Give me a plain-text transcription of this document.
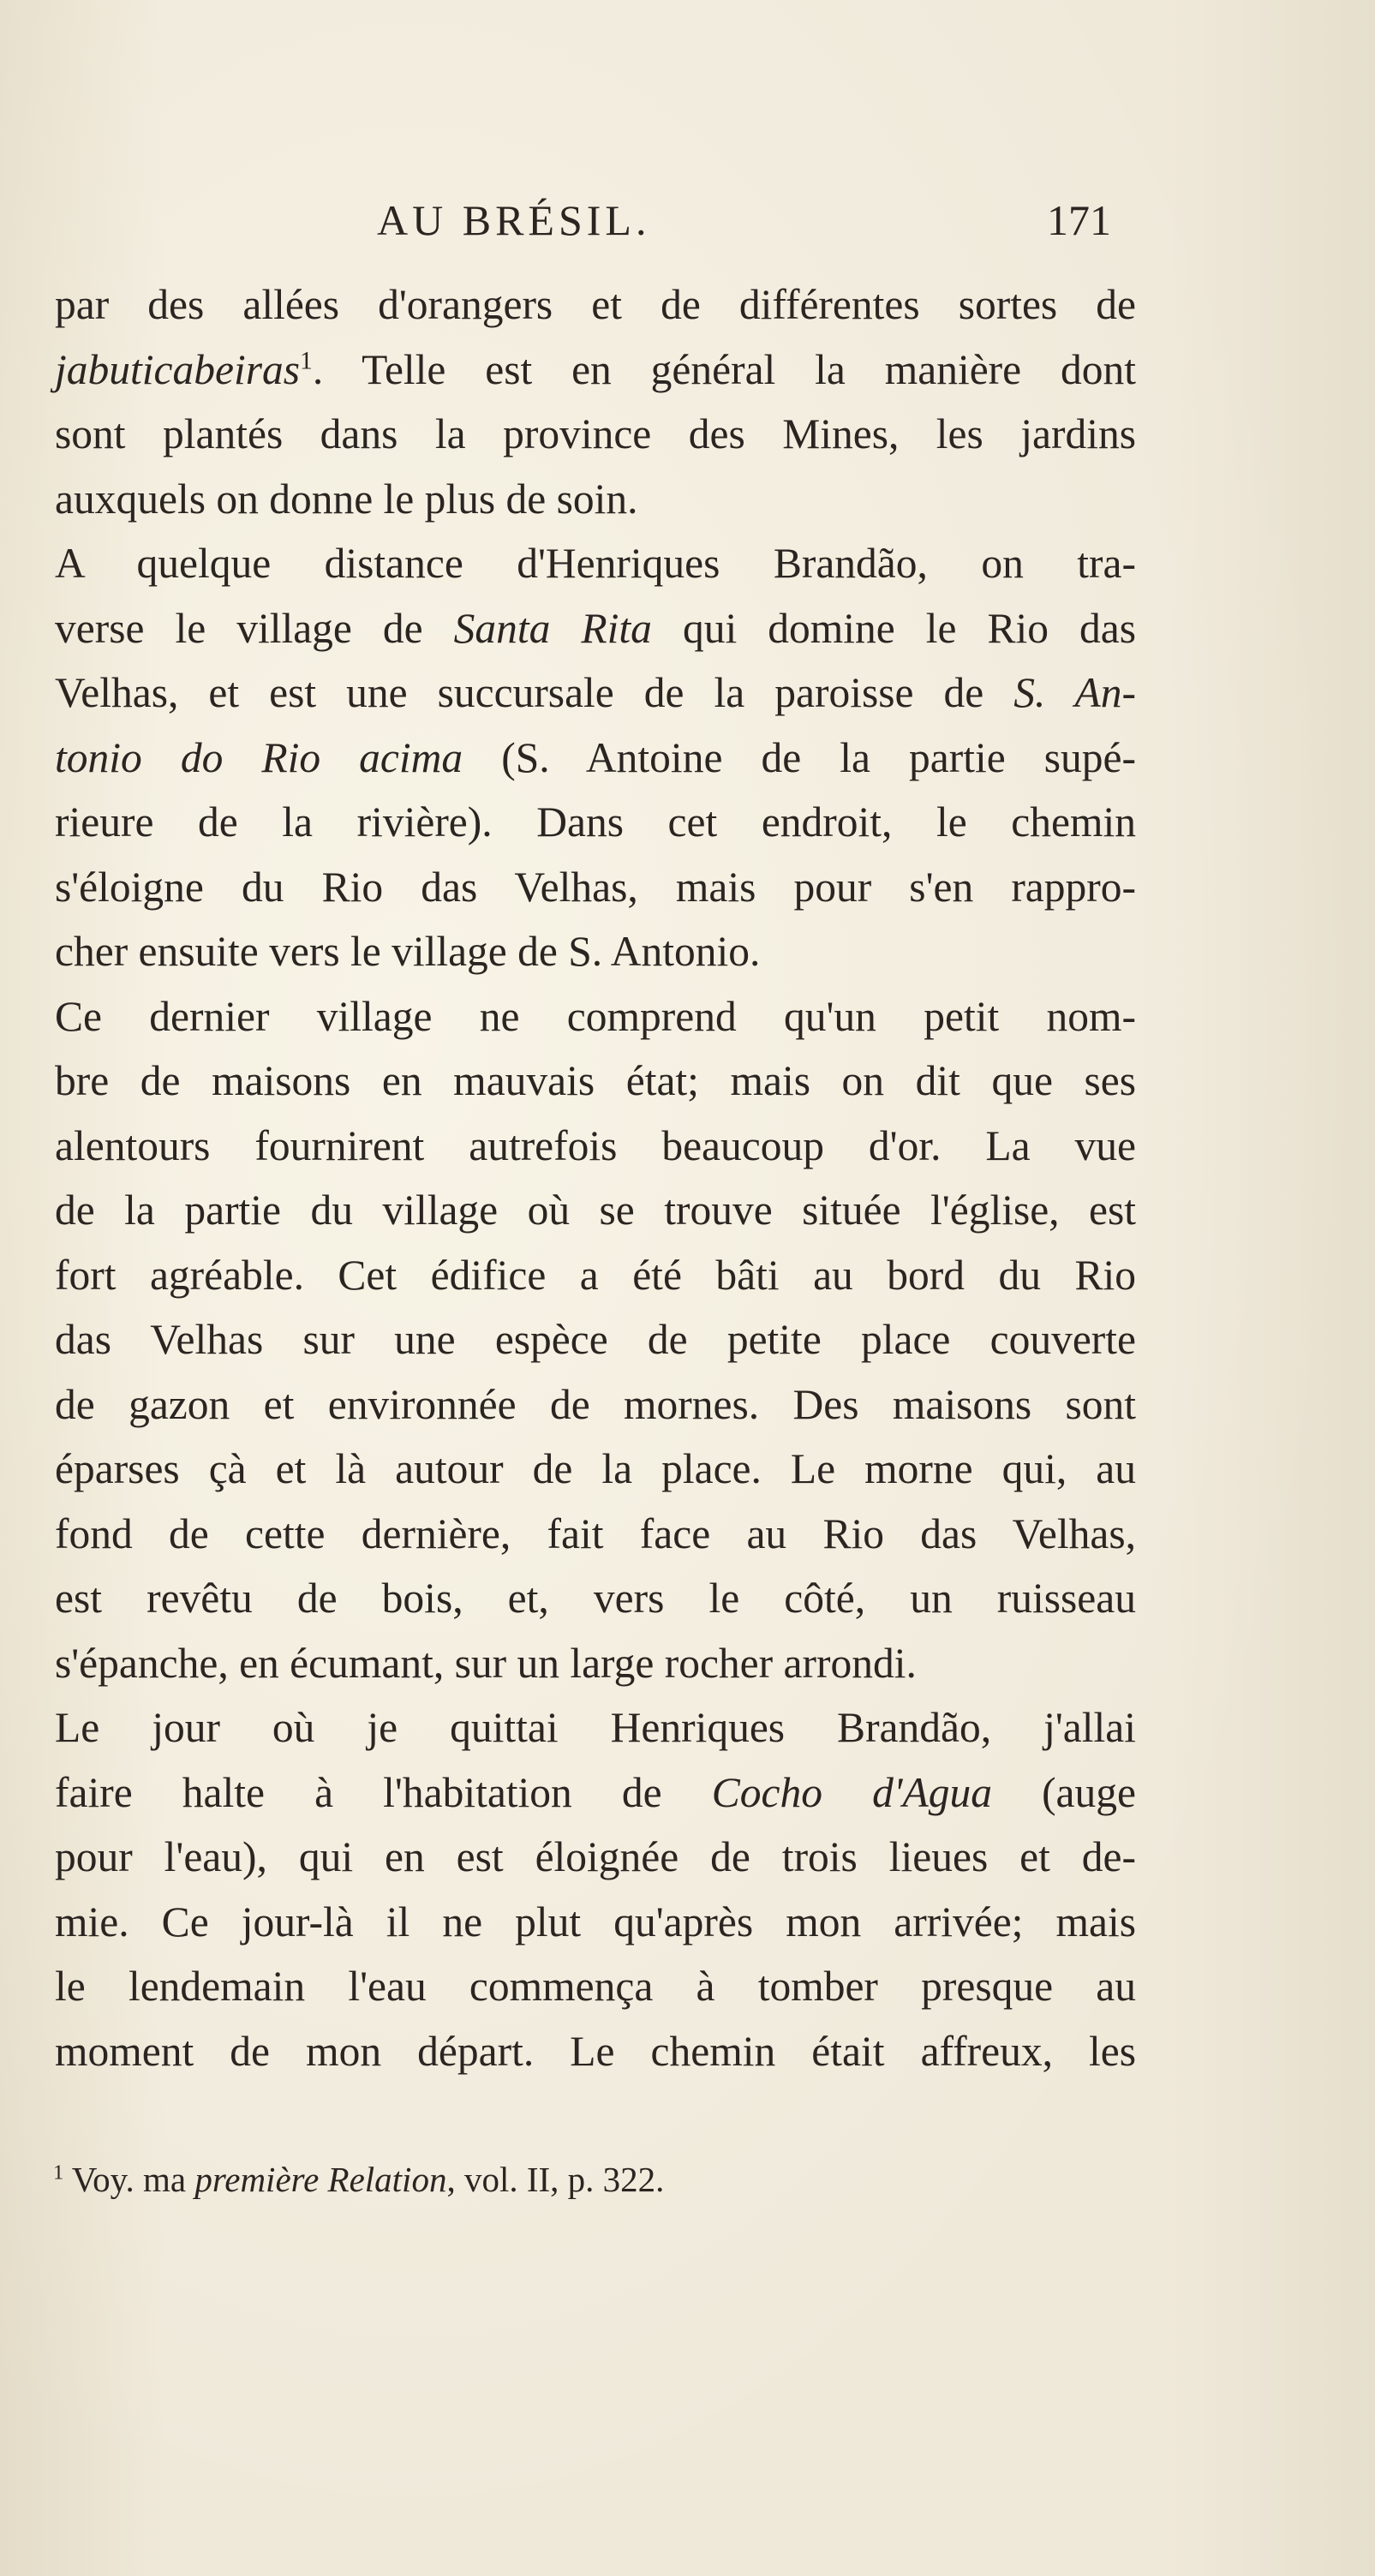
AU BRÉSIL.	171
par des allées d'orangers et de différentes sortes de
jabuticabeiras$^1$. Telle est en général la manière dont
sont plantés dans la province des Mines, les jardins
auxquels on donne le plus de soin.
A quelque distance d'Henriques Brandão, on tra-
verse le village de Santa Rita qui domine le Rio das
Velhas, et est une succursale de la paroisse de S. An-
tonio do Rio acima (S. Antoine de la partie supé-
rieure de la rivière). Dans cet endroit, le chemin
s'éloigne du Rio das Velhas, mais pour s'en rappro-
cher ensuite vers le village de S. Antonio.
Ce dernier village ne comprend qu'un petit nom-
bre de maisons en mauvais état; mais on dit que ses
alentours fournirent autrefois beaucoup d'or. La vue
de la partie du village où se trouve située l'église, est
fort agréable. Cet édifice a été bâti au bord du Rio
das Velhas sur une espèce de petite place couverte
de gazon et environnée de mornes. Des maisons sont
éparses çà et là autour de la place. Le morne qui, au
fond de cette dernière, fait face au Rio das Velhas,
est revêtu de bois, et, vers le côté, un ruisseau
s'épanche, en écumant, sur un large rocher arrondi.
Le jour où je quittai Henriques Brandão, j'allai
faire halte à l'habitation de Cocho d'Agua (auge
pour l'eau), qui en est éloignée de trois lieues et de-
mie. Ce jour-là il ne plut qu'après mon arrivée; mais
le lendemain l'eau commença à tomber presque au
moment de mon départ. Le chemin était affreux, les
$^1$ Voy. ma première Relation, vol. II, p. 322.
